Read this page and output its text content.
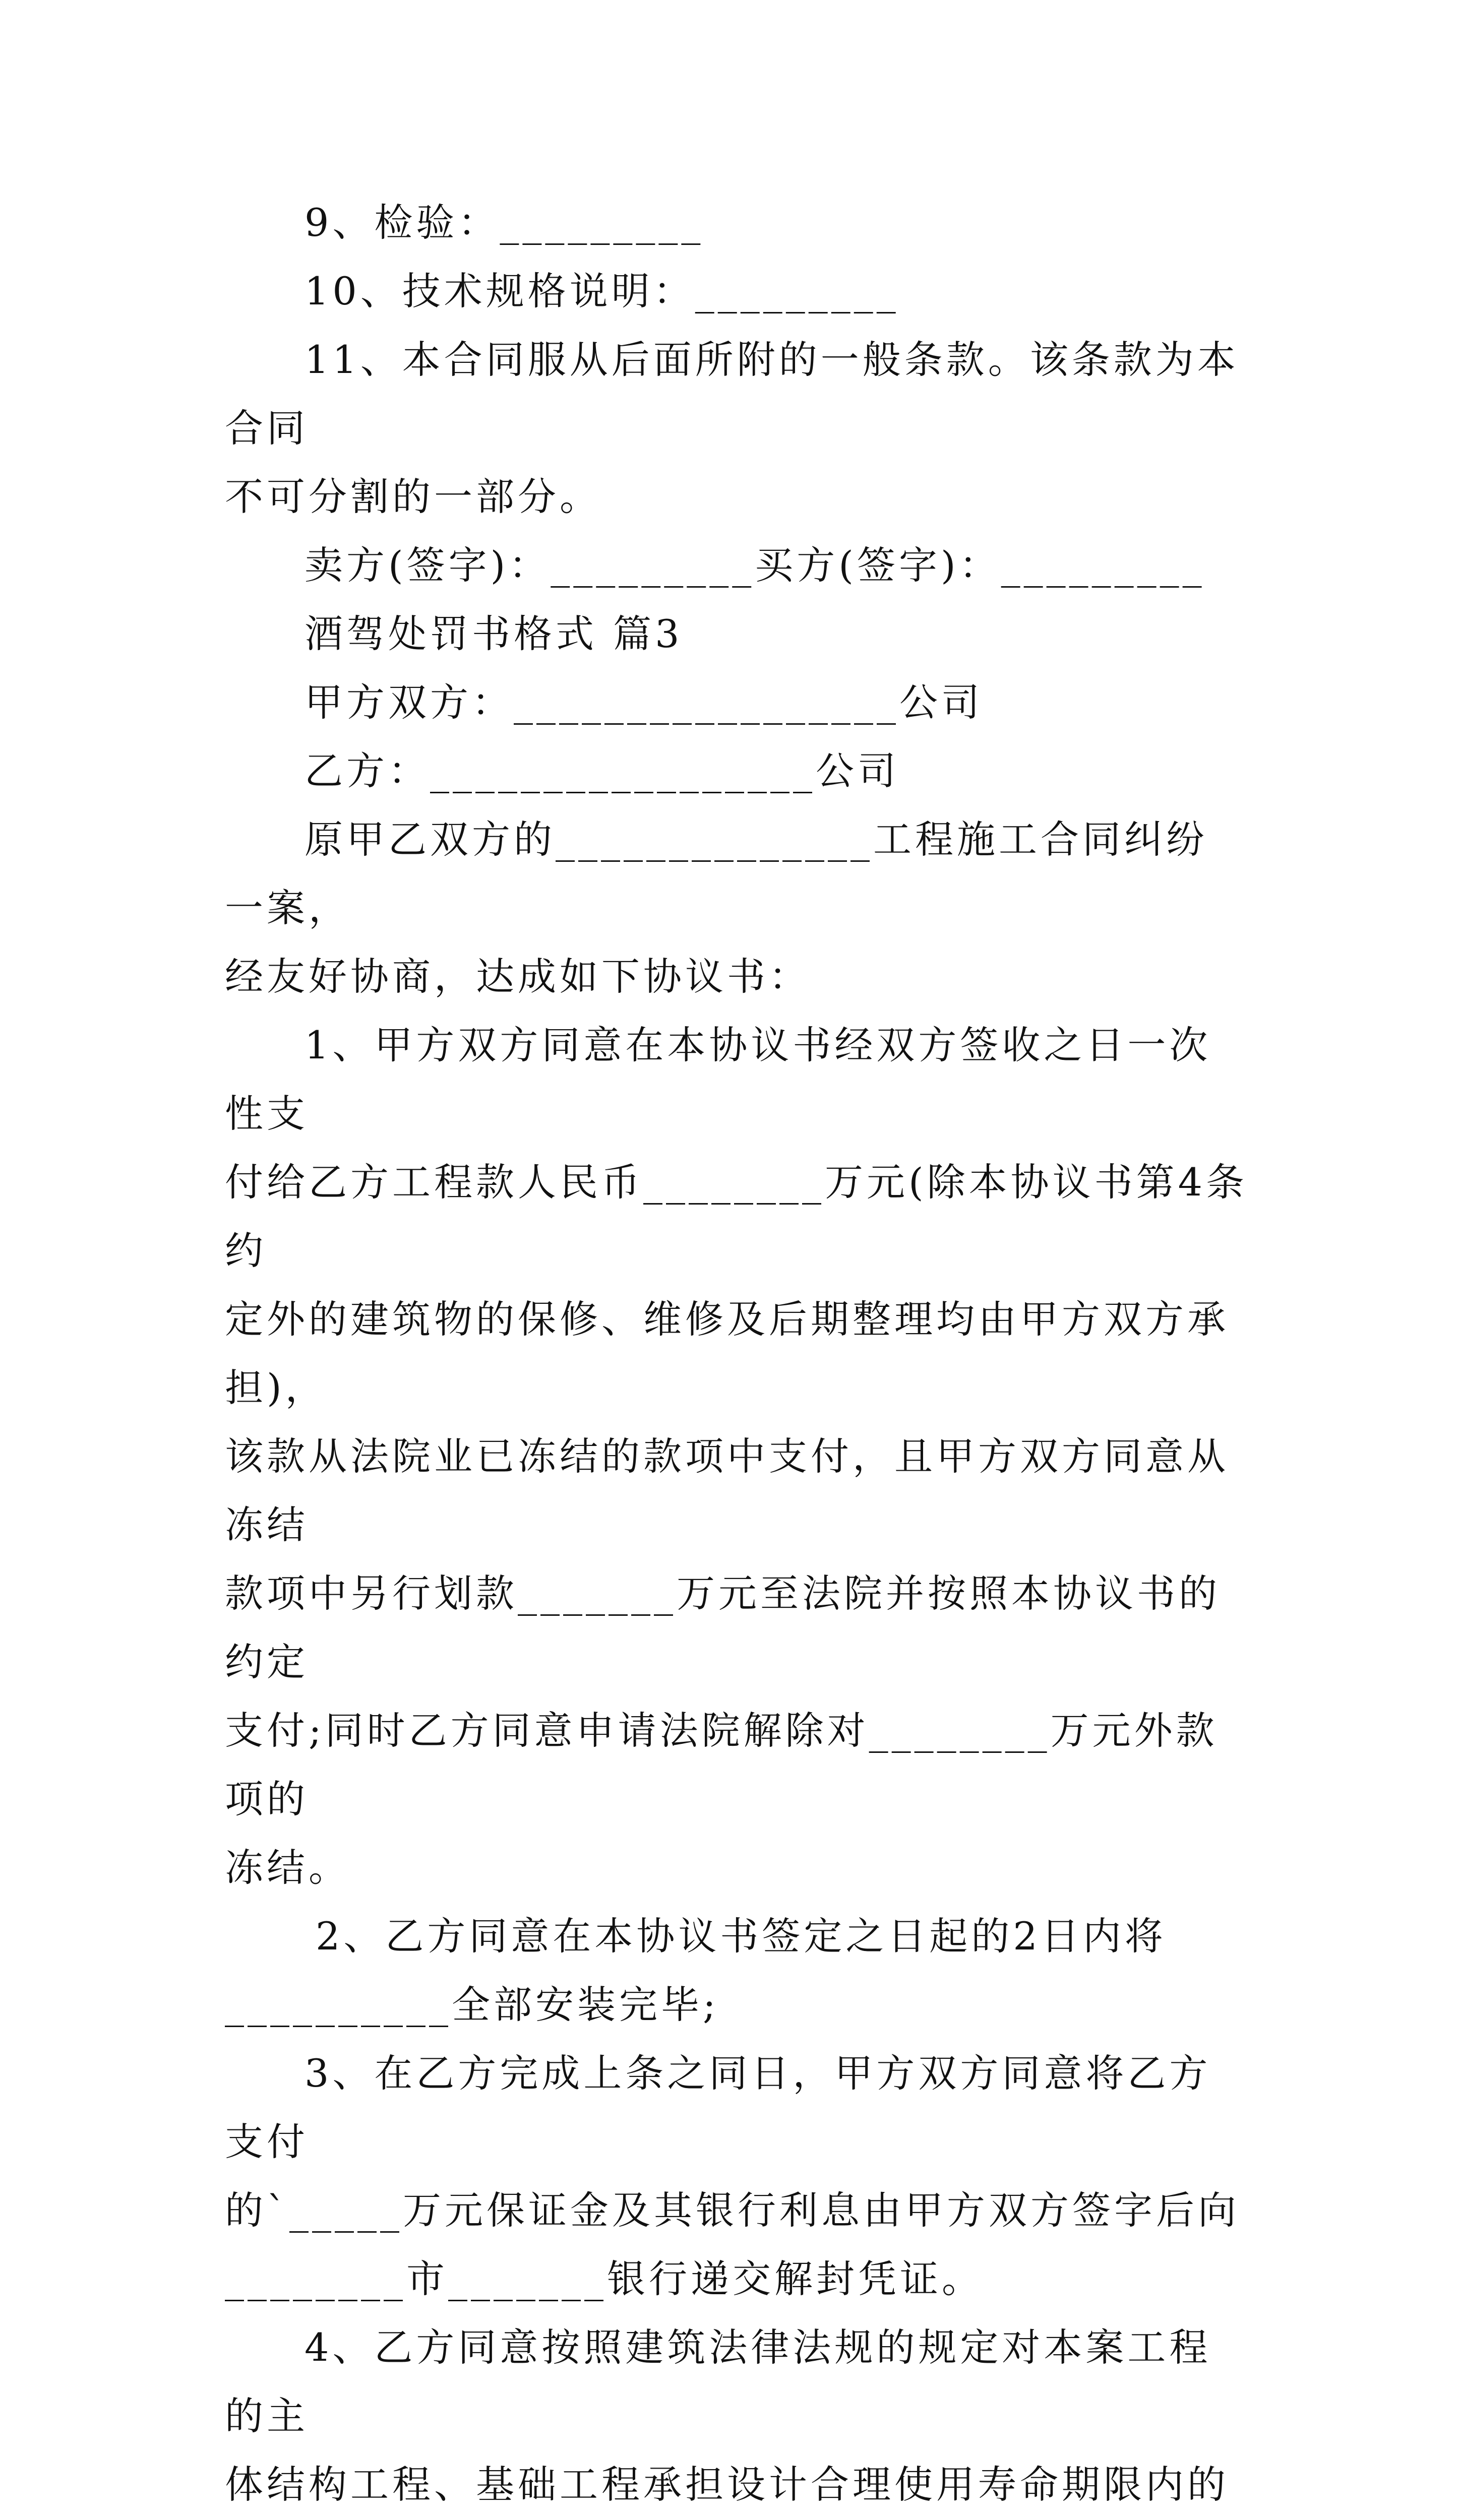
9、检验：_________

10、技术规格说明：_________

11、本合同服从后面所附的一般条款。该条款为本合同
不可分割的一部分。

卖方(签字)：_________买方(签字)：_________

酒驾处罚书格式 篇3

甲方双方：_________________公司

乙方：_________________公司

原甲乙双方的______________工程施工合同纠纷一案，
经友好协商，达成如下协议书：

1、甲方双方同意在本协议书经双方签收之日一次性支
付给乙方工程款人民币________万元(除本协议书第4条约
定外的建筑物的保修、维修及后期整理均由甲方双方承担)，
该款从法院业已冻结的款项中支付，且甲方双方同意从冻结
款项中另行划款_______万元至法院并按照本协议书的约定
支付;同时乙方同意申请法院解除对________万元外款项的
冻结。

2、乙方同意在本协议书签定之日起的2日内将
__________全部安装完毕;

3、在乙方完成上条之同日，甲方双方同意将乙方支付
的`_____万元保证金及其银行利息由甲方双方签字后向
________市_______银行递交解封凭证。

4、乙方同意按照建筑法律法规的规定对本案工程的主
体结构工程、基础工程承担设计合理使用寿命期限内的
